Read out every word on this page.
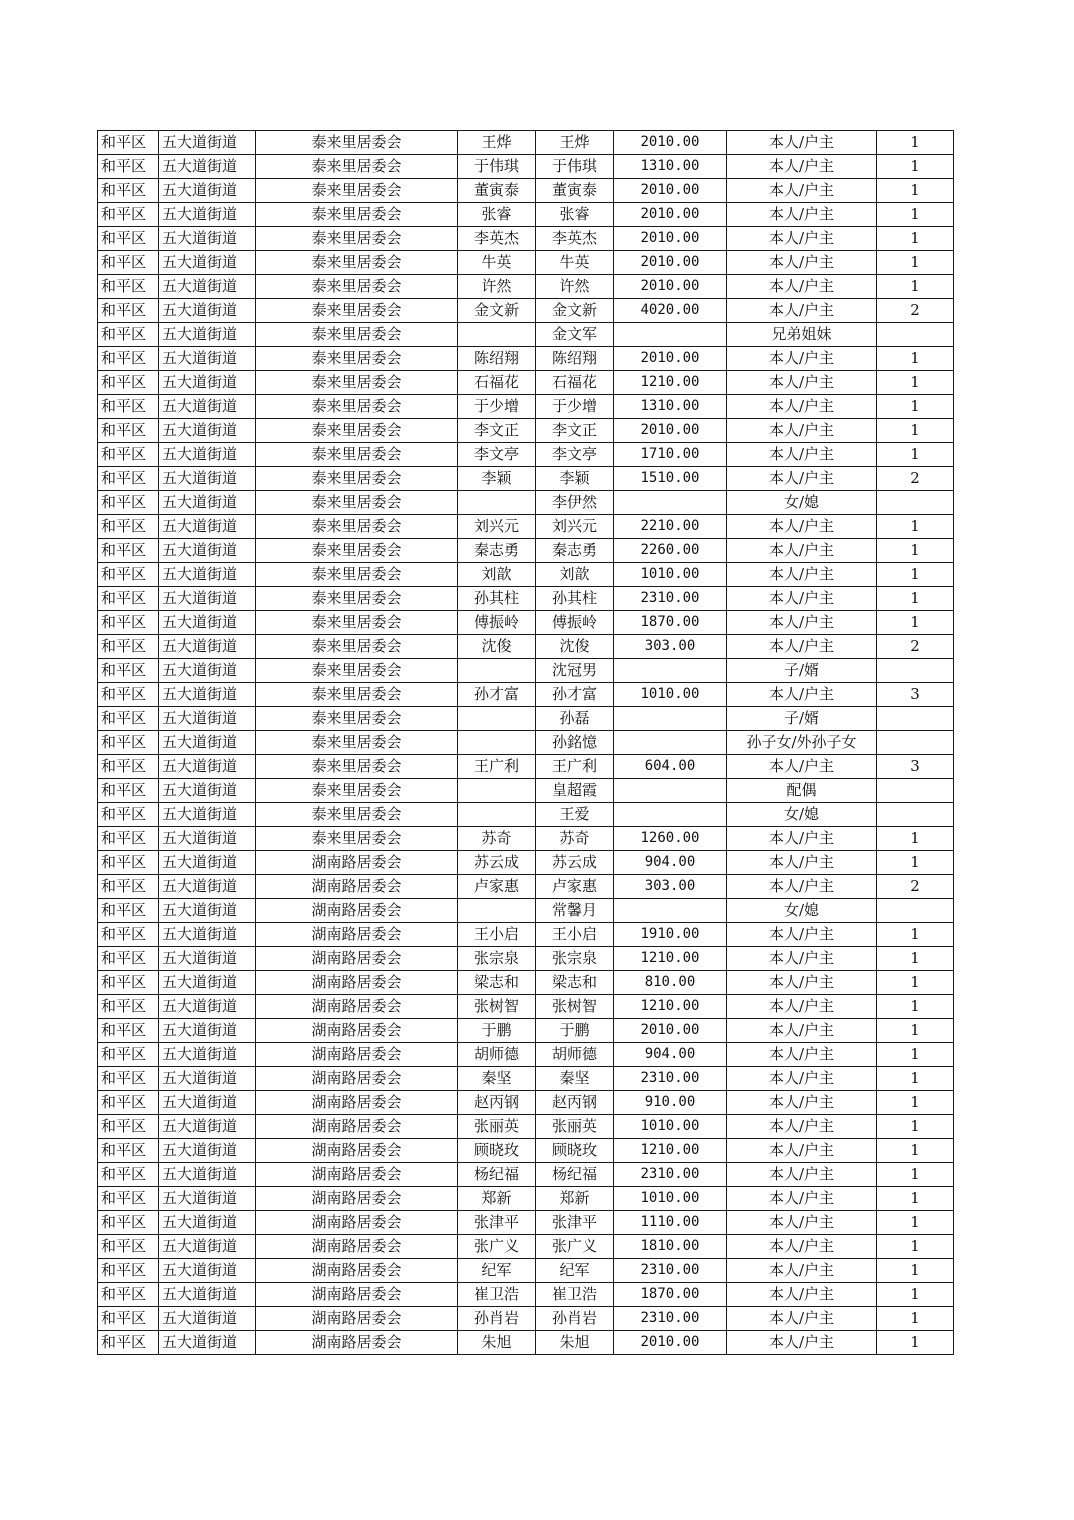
和平区	五大道街道	泰来里居委会	王烨	王烨	2010.00	本人/户主	1
和平区	五大道街道	泰来里居委会	于伟琪	于伟琪	1310.00	本人/户主	1
和平区	五大道街道	泰来里居委会	董寅泰	董寅泰	2010.00	本人/户主	1
和平区	五大道街道	泰来里居委会	张睿	张睿	2010.00	本人/户主	1
和平区	五大道街道	泰来里居委会	李英杰	李英杰	2010.00	本人/户主	1
和平区	五大道街道	泰来里居委会	牛英	牛英	2010.00	本人/户主	1
和平区	五大道街道	泰来里居委会	许然	许然	2010.00	本人/户主	1
和平区	五大道街道	泰来里居委会	金文新	金文新	4020.00	本人/户主	2
和平区	五大道街道	泰来里居委会		金文军		兄弟姐妹	
和平区	五大道街道	泰来里居委会	陈绍翔	陈绍翔	2010.00	本人/户主	1
和平区	五大道街道	泰来里居委会	石福花	石福花	1210.00	本人/户主	1
和平区	五大道街道	泰来里居委会	于少增	于少增	1310.00	本人/户主	1
和平区	五大道街道	泰来里居委会	李文正	李文正	2010.00	本人/户主	1
和平区	五大道街道	泰来里居委会	李文亭	李文亭	1710.00	本人/户主	1
和平区	五大道街道	泰来里居委会	李颖	李颖	1510.00	本人/户主	2
和平区	五大道街道	泰来里居委会		李伊然		女/媳	
和平区	五大道街道	泰来里居委会	刘兴元	刘兴元	2210.00	本人/户主	1
和平区	五大道街道	泰来里居委会	秦志勇	秦志勇	2260.00	本人/户主	1
和平区	五大道街道	泰来里居委会	刘歆	刘歆	1010.00	本人/户主	1
和平区	五大道街道	泰来里居委会	孙其柱	孙其柱	2310.00	本人/户主	1
和平区	五大道街道	泰来里居委会	傅振岭	傅振岭	1870.00	本人/户主	1
和平区	五大道街道	泰来里居委会	沈俊	沈俊	303.00	本人/户主	2
和平区	五大道街道	泰来里居委会		沈冠男		子/婿	
和平区	五大道街道	泰来里居委会	孙才富	孙才富	1010.00	本人/户主	3
和平区	五大道街道	泰来里居委会		孙磊		子/婿	
和平区	五大道街道	泰来里居委会		孙銘憶		孙子女/外孙子女	
和平区	五大道街道	泰来里居委会	王广利	王广利	604.00	本人/户主	3
和平区	五大道街道	泰来里居委会		皇超霞		配偶	
和平区	五大道街道	泰来里居委会		王爱		女/媳	
和平区	五大道街道	泰来里居委会	苏奇	苏奇	1260.00	本人/户主	1
和平区	五大道街道	湖南路居委会	苏云成	苏云成	904.00	本人/户主	1
和平区	五大道街道	湖南路居委会	卢家惠	卢家惠	303.00	本人/户主	2
和平区	五大道街道	湖南路居委会		常馨月		女/媳	
和平区	五大道街道	湖南路居委会	王小启	王小启	1910.00	本人/户主	1
和平区	五大道街道	湖南路居委会	张宗泉	张宗泉	1210.00	本人/户主	1
和平区	五大道街道	湖南路居委会	梁志和	梁志和	810.00	本人/户主	1
和平区	五大道街道	湖南路居委会	张树智	张树智	1210.00	本人/户主	1
和平区	五大道街道	湖南路居委会	于鹏	于鹏	2010.00	本人/户主	1
和平区	五大道街道	湖南路居委会	胡师德	胡师德	904.00	本人/户主	1
和平区	五大道街道	湖南路居委会	秦坚	秦坚	2310.00	本人/户主	1
和平区	五大道街道	湖南路居委会	赵丙钢	赵丙钢	910.00	本人/户主	1
和平区	五大道街道	湖南路居委会	张丽英	张丽英	1010.00	本人/户主	1
和平区	五大道街道	湖南路居委会	顾晓玫	顾晓玫	1210.00	本人/户主	1
和平区	五大道街道	湖南路居委会	杨纪福	杨纪福	2310.00	本人/户主	1
和平区	五大道街道	湖南路居委会	郑新	郑新	1010.00	本人/户主	1
和平区	五大道街道	湖南路居委会	张津平	张津平	1110.00	本人/户主	1
和平区	五大道街道	湖南路居委会	张广义	张广义	1810.00	本人/户主	1
和平区	五大道街道	湖南路居委会	纪军	纪军	2310.00	本人/户主	1
和平区	五大道街道	湖南路居委会	崔卫浩	崔卫浩	1870.00	本人/户主	1
和平区	五大道街道	湖南路居委会	孙肖岩	孙肖岩	2310.00	本人/户主	1
和平区	五大道街道	湖南路居委会	朱旭	朱旭	2010.00	本人/户主	1
